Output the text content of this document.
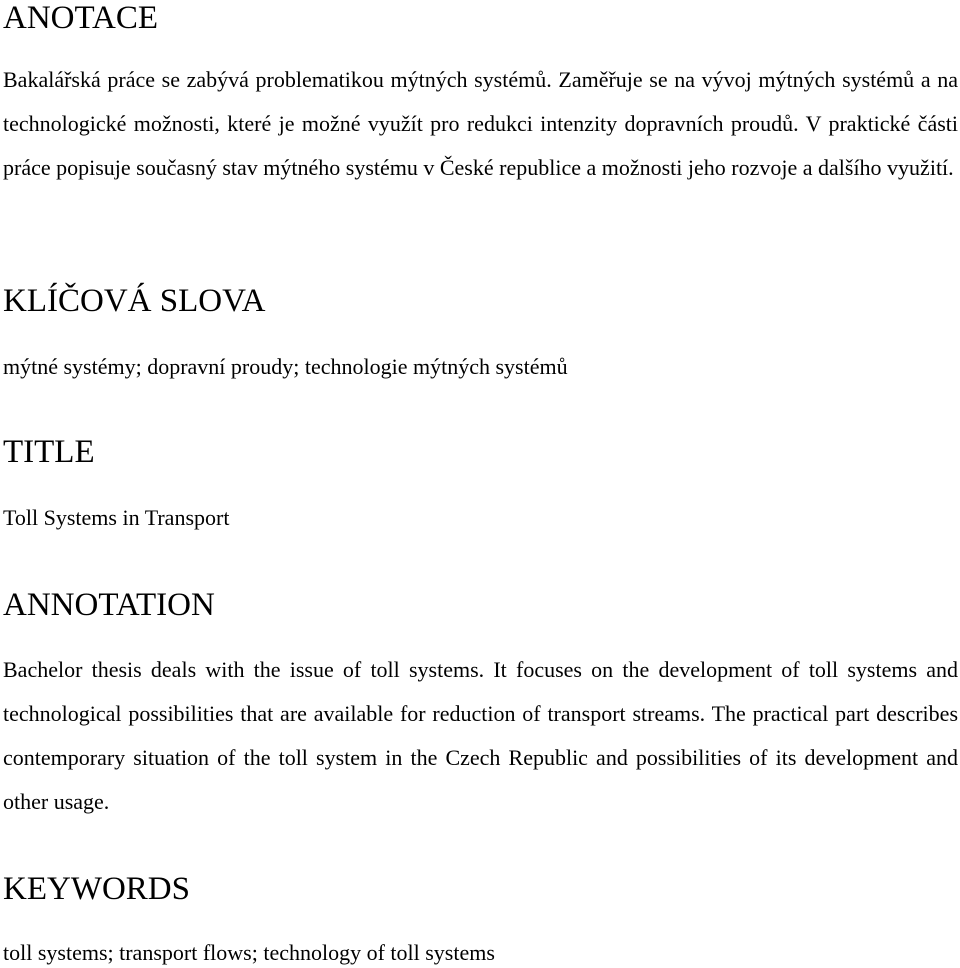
ANOTACE

Bakalářská práce se zabývá problematikou mýtných systémů. Zaměřuje se na vývoj mýtných systémů a na technologické možnosti, které je možné využít pro redukci intenzity dopravních proudů. V praktické části práce popisuje současný stav mýtného systému v České republice a možnosti jeho rozvoje a dalšího využití.

KLÍČOVÁ SLOVA

mýtné systémy; dopravní proudy; technologie mýtných systémů

TITLE

Toll Systems in Transport

ANNOTATION

Bachelor thesis deals with the issue of toll systems. It focuses on the development of toll systems and technological possibilities that are available for reduction of transport streams. The practical part describes contemporary situation of the toll system in the Czech Republic and possibilities of its development and other usage.

KEYWORDS

toll systems; transport flows; technology of toll systems
